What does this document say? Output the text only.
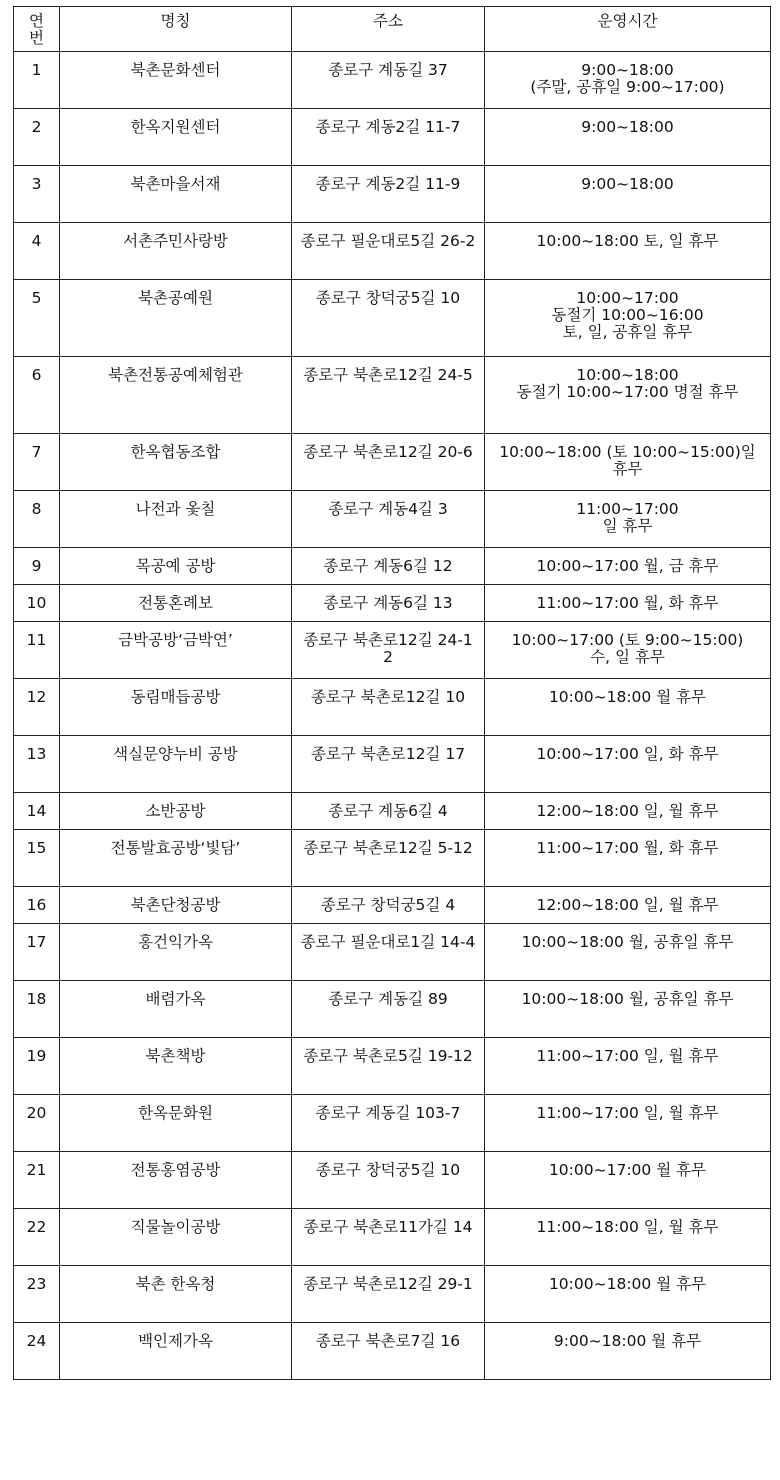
연번	명칭	주소	운영시간

1	북촌문화센터	종로구 계동길 37	9:00~18:00
(주말, 공휴일 9:00~17:00)

2	한옥지원센터	종로구 계동2길 11-7	9:00~18:00

3	북촌마을서재	종로구 계동2길 11-9	9:00~18:00

4	서촌주민사랑방	종로구 필운대로5길 26-2	10:00~18:00 토, 일 휴무

5	북촌공예원	종로구 창덕궁5길 10	10:00~17:00
동절기 10:00~16:00
토, 일, 공휴일 휴무

6	북촌전통공예체험관	종로구 북촌로12길 24-5	10:00~18:00
동절기 10:00~17:00 명절 휴무

7	한옥협동조합	종로구 북촌로12길 20-6	10:00~18:00 (토 10:00~15:00)일 휴무

8	나전과 옻칠	종로구 계동4길 3	11:00~17:00
일 휴무

9	목공예 공방	종로구 계동6길 12	10:00~17:00 월, 금 휴무

10	전통혼례보	종로구 계동6길 13	11:00~17:00 월, 화 휴무

11	금박공방‘금박연’	종로구 북촌로12길 24-12	10:00~17:00 (토 9:00~15:00)
수, 일 휴무

12	동림매듭공방	종로구 북촌로12길 10	10:00~18:00 월 휴무

13	색실문양누비 공방	종로구 북촌로12길 17	10:00~17:00 일, 화 휴무

14	소반공방	종로구 계동6길 4	12:00~18:00 일, 월 휴무

15	전통발효공방‘빛담’	종로구 북촌로12길 5-12	11:00~17:00 월, 화 휴무

16	북촌단청공방	종로구 창덕궁5길 4	12:00~18:00 일, 월 휴무

17	홍건익가옥	종로구 필운대로1길 14-4	10:00~18:00 월, 공휴일 휴무

18	배렴가옥	종로구 계동길 89	10:00~18:00 월, 공휴일 휴무

19	북촌책방	종로구 북촌로5길 19-12	11:00~17:00 일, 월 휴무

20	한옥문화원	종로구 계동길 103-7	11:00~17:00 일, 월 휴무

21	전통홍염공방	종로구 창덕궁5길 10	10:00~17:00 월 휴무

22	직물놀이공방	종로구 북촌로11가길 14	11:00~18:00 일, 월 휴무

23	북촌 한옥청	종로구 북촌로12길 29-1	10:00~18:00 월 휴무

24	백인제가옥	종로구 북촌로7길 16	9:00~18:00 월 휴무
